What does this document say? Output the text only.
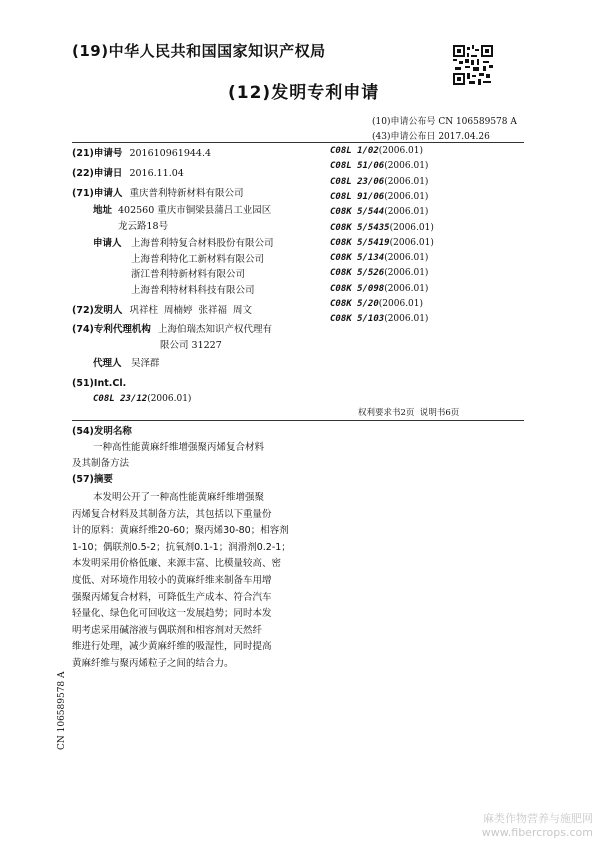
(19)中华人民共和国国家知识产权局
(12)发明专利申请
(10)申请公布号 CN 106589578 A
(43)申请公布日 2017.04.26
(21)申请号 201610961944.4
(22)申请日 2016.11.04
(71)申请人 重庆普利特新材料有限公司
地址 402560 重庆市铜梁县蒲吕工业园区
龙云路18号
申请人 上海普利特复合材料股份有限公司
上海普利特化工新材料有限公司
浙江普利特新材料有限公司
上海普利特材料科技有限公司
(72)发明人 巩祥柱  周楠婷  张祥福  周文
(74)专利代理机构 上海伯瑞杰知识产权代理有
限公司 31227
代理人 吴泽群
(51)Int.Cl.
C08L 23/12(2006.01)
C08L 1/02(2006.01)
C08L 51/06(2006.01)
C08L 23/06(2006.01)
C08L 91/06(2006.01)
C08K 5/544(2006.01)
C08K 5/5435(2006.01)
C08K 5/5419(2006.01)
C08K 5/134(2006.01)
C08K 5/526(2006.01)
C08K 5/098(2006.01)
C08K 5/20(2006.01)
C08K 5/103(2006.01)
权利要求书2页  说明书6页
(54)发明名称
一种高性能黄麻纤维增强聚丙烯复合材料
及其制备方法
(57)摘要
本发明公开了一种高性能黄麻纤维增强聚
丙烯复合材料及其制备方法，其包括以下重量份
计的原料：黄麻纤维20-60；聚丙烯30-80；相容剂
1-10；偶联剂0.5-2；抗氧剂0.1-1；润滑剂0.2-1；
本发明采用价格低廉、来源丰富、比模量较高、密
度低、对环境作用较小的黄麻纤维来制备车用增
强聚丙烯复合材料，可降低生产成本、符合汽车
轻量化、绿色化可回收这一发展趋势；同时本发
明考虑采用碱溶液与偶联剂和相容剂对天然纤
维进行处理，减少黄麻纤维的吸湿性，同时提高
黄麻纤维与聚丙烯粒子之间的结合力。
CN 106589578 A
麻类作物营养与施肥网
www.fibercrops.com
